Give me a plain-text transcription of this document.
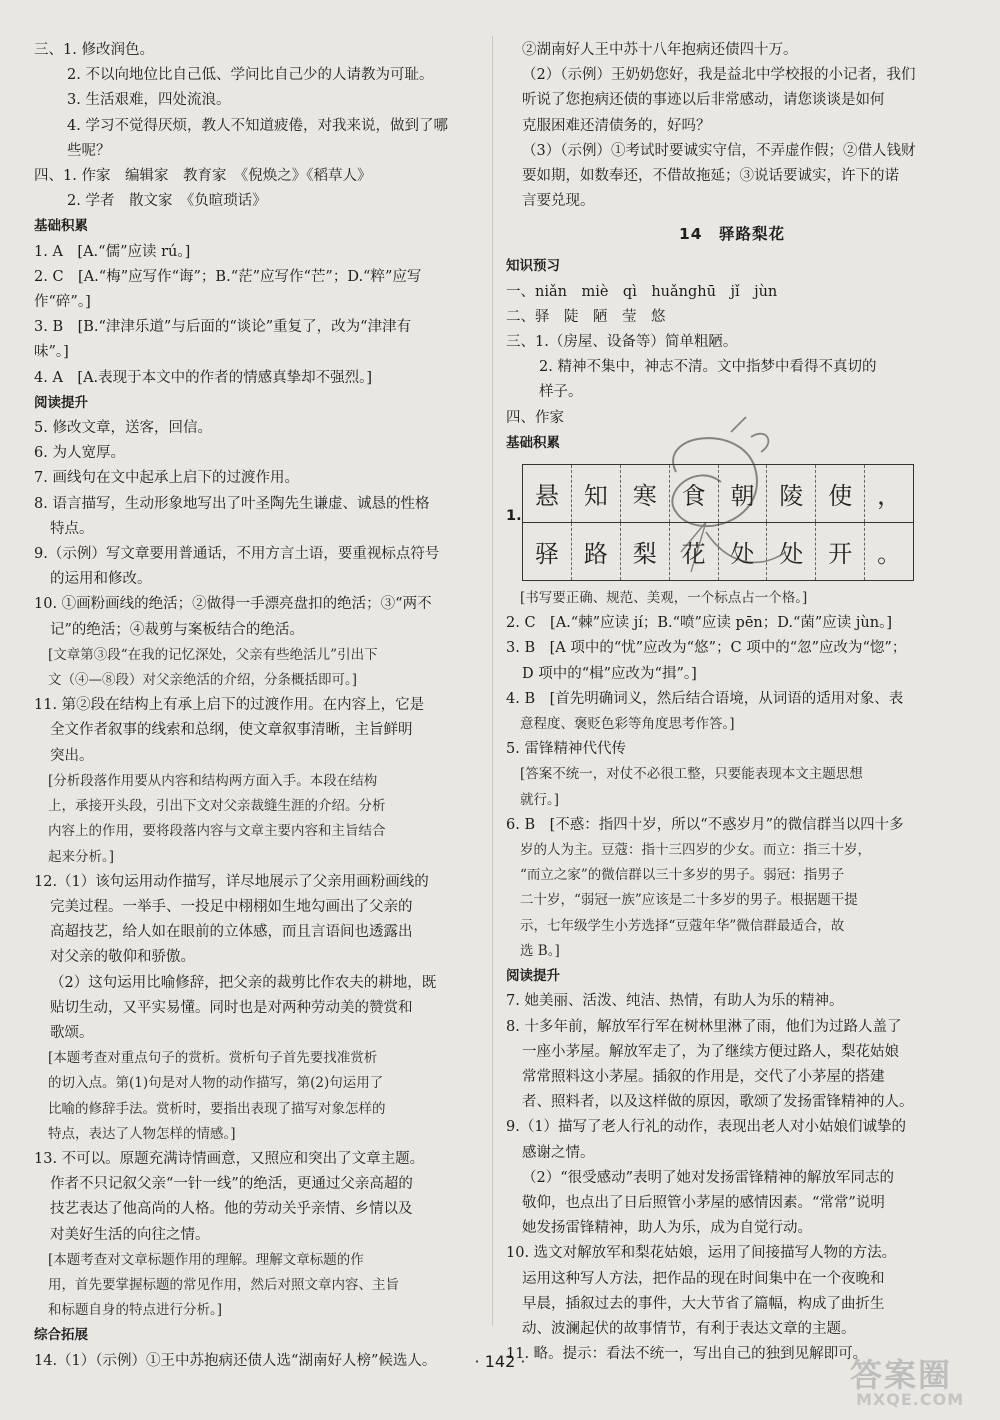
三、1. 修改润色。
2. 不以向地位比自己低、学问比自己少的人请教为可耻。
3. 生活艰难，四处流浪。
4. 学习不觉得厌烦，教人不知道疲倦，对我来说，做到了哪
些呢？
四、1. 作家　编辑家　教育家　《倪焕之》《稻草人》
2. 学者　散文家　《负暄琐话》
基础积累
1. A　[A.“儒”应读 rú。]
2. C　[A.“梅”应写作“诲”；B.“茫”应写作“芒”；D.“粹”应写
作“碎”。]
3. B　[B.“津津乐道”与后面的“谈论”重复了，改为“津津有
味”。]
4. A　[A.表现于本文中的作者的情感真挚却不强烈。]
阅读提升
5. 修改文章，送客，回信。
6. 为人宽厚。
7. 画线句在文中起承上启下的过渡作用。
8. 语言描写，生动形象地写出了叶圣陶先生谦虚、诚恳的性格
特点。
9.（示例）写文章要用普通话，不用方言土语，要重视标点符号
的运用和修改。
10. ①画粉画线的绝活；②做得一手漂亮盘扣的绝活；③“两不
记”的绝活；④裁剪与案板结合的绝活。
[文章第③段“在我的记忆深处，父亲有些绝活儿”引出下
文（④—⑧段）对父亲绝活的介绍，分条概括即可。]
11. 第②段在结构上有承上启下的过渡作用。在内容上，它是
全文作者叙事的线索和总纲，使文章叙事清晰，主旨鲜明
突出。
[分析段落作用要从内容和结构两方面入手。本段在结构
上，承接开头段，引出下文对父亲裁缝生涯的介绍。分析
内容上的作用，要将段落内容与文章主要内容和主旨结合
起来分析。]
12.（1）该句运用动作描写，详尽地展示了父亲用画粉画线的
完美过程。一举手、一投足中栩栩如生地勾画出了父亲的
高超技艺，给人如在眼前的立体感，而且言语间也透露出
对父亲的敬仰和骄傲。
（2）这句运用比喻修辞，把父亲的裁剪比作农夫的耕地，既
贴切生动，又平实易懂。同时也是对两种劳动美的赞赏和
歌颂。
[本题考查对重点句子的赏析。赏析句子首先要找准赏析
的切入点。第(1)句是对人物的动作描写，第(2)句运用了
比喻的修辞手法。赏析时，要指出表现了描写对象怎样的
特点，表达了人物怎样的情感。]
13. 不可以。原题充满诗情画意，又照应和突出了文章主题。
作者不只记叙父亲“一针一线”的绝活，更通过父亲高超的
技艺表达了他高尚的人格。他的劳动关乎亲情、乡情以及
对美好生活的向往之情。
[本题考查对文章标题作用的理解。理解文章标题的作
用，首先要掌握标题的常见作用，然后对照文章内容、主旨
和标题自身的特点进行分析。]
综合拓展
14.（1）（示例）①王中苏抱病还债人选“湖南好人榜”候选人。
②湖南好人王中苏十八年抱病还债四十万。
（2）（示例）王奶奶您好，我是益北中学校报的小记者，我们
听说了您抱病还债的事迹以后非常感动，请您谈谈是如何
克服困难还清债务的，好吗？
（3）（示例）①考试时要诚实守信，不弄虚作假；②借人钱财
要如期，如数奉还，不借故拖延；③说话要诚实，许下的诺
言要兑现。
14　驿路梨花
知识预习
一、niǎn　miè　qì　huǎnghū　jǐ　jùn
二、驿　陡　陋　莹　悠
三、1.（房屋、设备等）简单粗陋。
2. 精神不集中，神志不清。文中指梦中看得不真切的
样子。
四、作家
基础积累
1.
悬	知	寒	食	朝	陵	使	，
驿	路	梨	花	处	处	开	。
[书写要正确、规范、美观，一个标点占一个格。]
2. C　[A.“棘”应读 jí；B.“喷”应读 pēn；D.“菌”应读 jùn。]
3. B　[A 项中的“忧”应改为“悠”；C 项中的“忽”应改为“惚”；
D 项中的“楫”应改为“揖”。]
4. B　[首先明确词义，然后结合语境，从词语的适用对象、表
意程度、褒贬色彩等角度思考作答。]
5. 雷锋精神代代传
[答案不统一，对仗不必很工整，只要能表现本文主题思想
就行。]
6. B　[不惑：指四十岁，所以“不惑岁月”的微信群当以四十多
岁的人为主。豆蔻：指十三四岁的少女。而立：指三十岁，
“而立之家”的微信群以三十多岁的男子。弱冠：指男子
二十岁，“弱冠一族”应该是二十多岁的男子。根据题干提
示，七年级学生小芳选择“豆蔻年华”微信群最适合，故
选 B。]
阅读提升
7. 她美丽、活泼、纯洁、热情，有助人为乐的精神。
8. 十多年前，解放军行军在树林里淋了雨，他们为过路人盖了
一座小茅屋。解放军走了，为了继续方便过路人，梨花姑娘
常常照料这小茅屋。插叙的作用是，交代了小茅屋的搭建
者、照料者，以及这样做的原因，歌颂了发扬雷锋精神的人。
9.（1）描写了老人行礼的动作，表现出老人对小姑娘们诚挚的
感谢之情。
（2）“很受感动”表明了她对发扬雷锋精神的解放军同志的
敬仰，也点出了日后照管小茅屋的感情因素。“常常”说明
她发扬雷锋精神，助人为乐，成为自觉行动。
10. 选文对解放军和梨花姑娘，运用了间接描写人物的方法。
运用这种写人方法，把作品的现在时间集中在一个夜晚和
早晨，插叙过去的事件，大大节省了篇幅，构成了曲折生
动、波澜起伏的故事情节，有利于表达文章的主题。
11. 略。提示：看法不统一，写出自己的独到见解即可。
· 142 ·	答案圈
MXQE.COM
